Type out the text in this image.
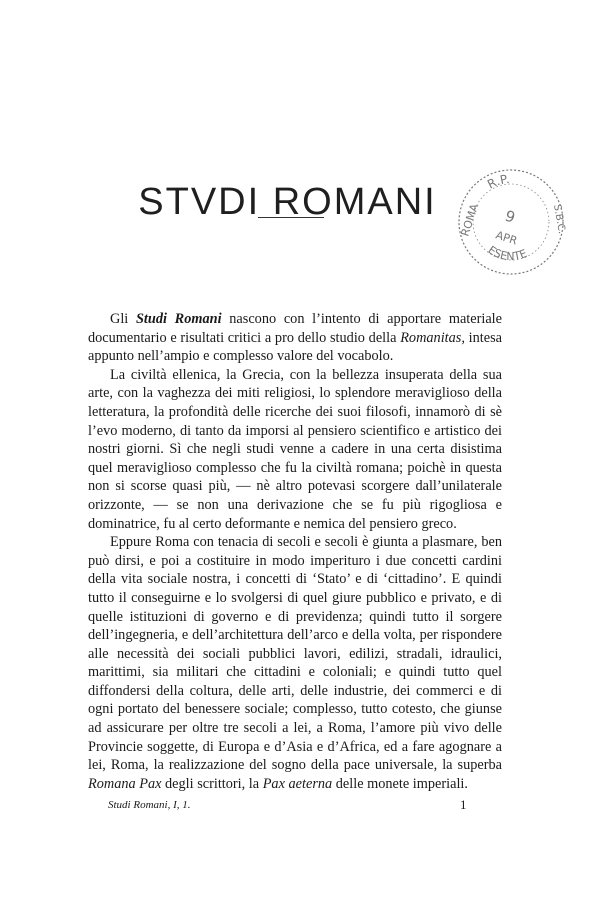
STVDI ROMANI	R.P.
ESENTE
ROMA	S.B.C.
9
APR

Gli Studi Romani nascono con l’intento di apportare materiale documentario e risultati critici a pro dello studio della Romanitas, intesa appunto nell’ampio e complesso valore del vocabolo.

La civiltà ellenica, la Grecia, con la bellezza insuperata della sua arte, con la vaghezza dei miti religiosi, lo splendore meraviglioso della letteratura, la profondità delle ricerche dei suoi filosofi, innamorò di sè l’evo moderno, di tanto da imporsi al pensiero scientifico e artistico dei nostri giorni. Sì che negli studi venne a cadere in una certa disistima quel meraviglioso complesso che fu la civiltà romana; poichè in questa non si scorse quasi più, — nè altro potevasi scorgere dall’unilaterale orizzonte, — se non una derivazione che se fu più rigogliosa e dominatrice, fu al certo deformante e nemica del pensiero greco.

Eppure Roma con tenacia di secoli e secoli è giunta a plasmare, ben può dirsi, e poi a costituire in modo imperituro i due concetti cardini della vita sociale nostra, i concetti di ‘Stato’ e di ‘cittadino’. E quindi tutto il conseguirne e lo svolgersi di quel giure pubblico e privato, e di quelle istituzioni di governo e di previdenza; quindi tutto il sorgere dell’ingegneria, e dell’architettura dell’arco e della volta, per rispondere alle necessità dei sociali pubblici lavori, edilizi, stradali, idraulici, marittimi, sia militari che cittadini e coloniali; e quindi tutto quel diffondersi della coltura, delle arti, delle industrie, dei commerci e di ogni portato del benessere sociale; complesso, tutto cotesto, che giunse ad assicurare per oltre tre secoli a lei, a Roma, l’amore più vivo delle Provincie soggette, di Europa e d’Asia e d’Africa, ed a fare agognare a lei, Roma, la realizzazione del sogno della pace universale, la superba Romana Pax degli scrittori, la Pax aeterna delle monete imperiali.

Studi Romani, I, 1.	1
